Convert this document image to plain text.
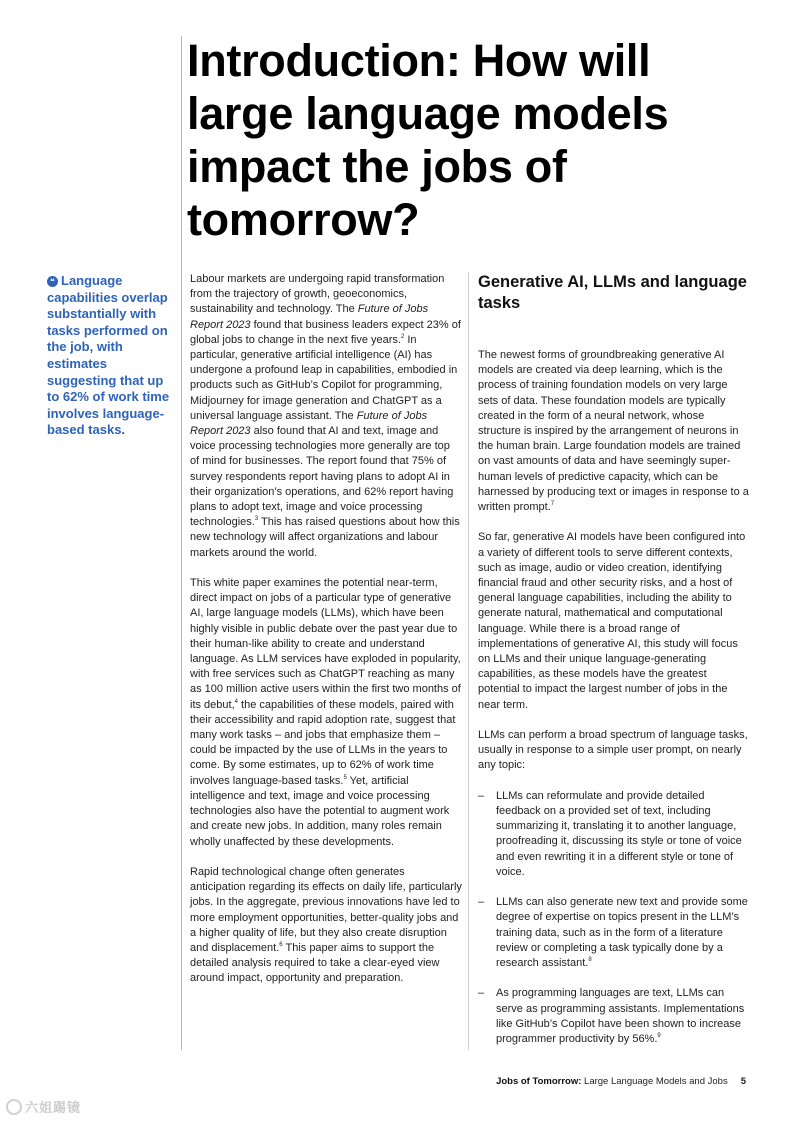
Introduction: How will large language models impact the jobs of tomorrow?
❝ Language capabilities overlap substantially with tasks performed on the job, with estimates suggesting that up to 62% of work time involves language-based tasks.

Labour markets are undergoing rapid transformation from the trajectory of growth, geoeconomics, sustainability and technology. The Future of Jobs Report 2023 found that business leaders expect 23% of global jobs to change in the next five years.$^2$ In particular, generative artificial intelligence (AI) has undergone a profound leap in capabilities, embodied in products such as GitHub’s Copilot for programming, Midjourney for image generation and ChatGPT as a universal language assistant. The Future of Jobs Report 2023 also found that AI and text, image and voice processing technologies more generally are top of mind for businesses. The report found that 75% of survey respondents report having plans to adopt AI in their organization’s operations, and 62% report having plans to adopt text, image and voice processing technologies.$^3$ This has raised questions about how this new technology will affect organizations and labour markets around the world.

This white paper examines the potential near-term, direct impact on jobs of a particular type of generative AI, large language models (LLMs), which have been highly visible in public debate over the past year due to their human-like ability to create and understand language. As LLM services have exploded in popularity, with free services such as ChatGPT reaching as many as 100 million active users within the first two months of its debut,$^4$ the capabilities of these models, paired with their accessibility and rapid adoption rate, suggest that many work tasks – and jobs that emphasize them – could be impacted by the use of LLMs in the years to come. By some estimates, up to 62% of work time involves language-based tasks.$^5$ Yet, artificial intelligence and text, image and voice processing technologies also have the potential to augment work and create new jobs. In addition, many roles remain wholly unaffected by these developments.

Rapid technological change often generates anticipation regarding its effects on daily life, particularly jobs. In the aggregate, previous innovations have led to more employment opportunities, better-quality jobs and a higher quality of life, but they also create disruption and displacement.$^6$ This paper aims to support the detailed analysis required to take a clear-eyed view around impact, opportunity and preparation.

Generative AI, LLMs and language tasks

The newest forms of groundbreaking generative AI models are created via deep learning, which is the process of training foundation models on very large sets of data. These foundation models are typically created in the form of a neural network, whose structure is inspired by the arrangement of neurons in the human brain. Large foundation models are trained on vast amounts of data and have seemingly super-human levels of predictive capacity, which can be harnessed by producing text or images in response to a written prompt.$^7$

So far, generative AI models have been configured into a variety of different tools to serve different contexts, such as image, audio or video creation, identifying financial fraud and other security risks, and a host of general language capabilities, including the ability to generate natural, mathematical and computational language. While there is a broad range of implementations of generative AI, this study will focus on LLMs and their unique language-generating capabilities, as these models have the greatest potential to impact the largest number of jobs in the near term.

LLMs can perform a broad spectrum of language tasks, usually in response to a simple user prompt, on nearly any topic:

– LLMs can reformulate and provide detailed feedback on a provided set of text, including summarizing it, translating it to another language, proofreading it, discussing its style or tone of voice and even rewriting it in a different style or tone of voice.
– LLMs can also generate new text and provide some degree of expertise on topics present in the LLM’s training data, such as in the form of a literature review or completing a task typically done by a research assistant.$^8$
– As programming languages are text, LLMs can serve as programming assistants. Implementations like GitHub’s Copilot have been shown to increase programmer productivity by 56%.$^9$
Jobs of Tomorrow: Large Language Models and Jobs 5
六姐踢镜
